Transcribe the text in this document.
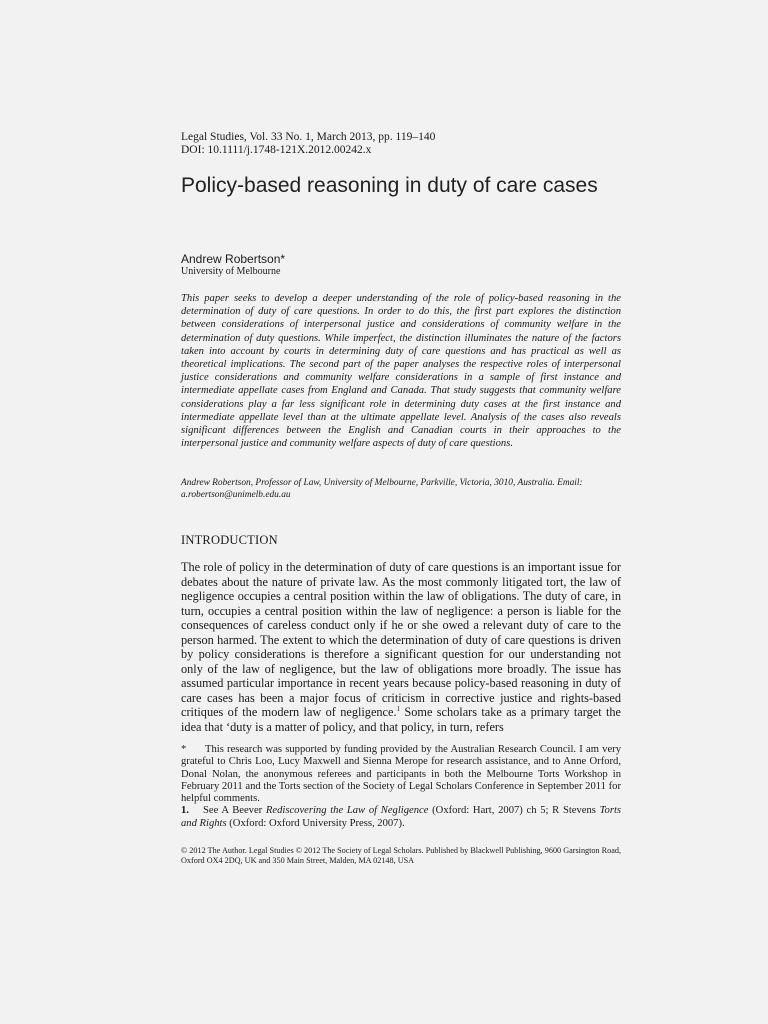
Legal Studies, Vol. 33 No. 1, March 2013, pp. 119–140
DOI: 10.1111/j.1748-121X.2012.00242.x
Policy-based reasoning in duty of care cases
Andrew Robertson*
University of Melbourne
This paper seeks to develop a deeper understanding of the role of policy-based reasoning in the determination of duty of care questions. In order to do this, the first part explores the distinction between considerations of interpersonal justice and considerations of community welfare in the determination of duty questions. While imperfect, the distinction illuminates the nature of the factors taken into account by courts in determining duty of care questions and has practical as well as theoretical implications. The second part of the paper analyses the respective roles of interpersonal justice considerations and community welfare considerations in a sample of first instance and intermediate appellate cases from England and Canada. That study suggests that community welfare considerations play a far less significant role in determining duty cases at the first instance and intermediate appellate level than at the ultimate appellate level. Analysis of the cases also reveals significant differences between the English and Canadian courts in their approaches to the interpersonal justice and community welfare aspects of duty of care questions.
Andrew Robertson, Professor of Law, University of Melbourne, Parkville, Victoria, 3010, Australia. Email: a.robertson@unimelb.edu.au
INTRODUCTION
The role of policy in the determination of duty of care questions is an important issue for debates about the nature of private law. As the most commonly litigated tort, the law of negligence occupies a central position within the law of obligations. The duty of care, in turn, occupies a central position within the law of negligence: a person is liable for the consequences of careless conduct only if he or she owed a relevant duty of care to the person harmed. The extent to which the determination of duty of care questions is driven by policy considerations is therefore a significant question for our understanding not only of the law of negligence, but the law of obligations more broadly. The issue has assumed particular importance in recent years because policy-based reasoning in duty of care cases has been a major focus of criticism in corrective justice and rights-based critiques of the modern law of negligence.$^1$ Some scholars take as a primary target the idea that ‘duty is a matter of policy, and that policy, in turn, refers
* This research was supported by funding provided by the Australian Research Council. I am very grateful to Chris Loo, Lucy Maxwell and Sienna Merope for research assistance, and to Anne Orford, Donal Nolan, the anonymous referees and participants in both the Melbourne Torts Workshop in February 2011 and the Torts section of the Society of Legal Scholars Conference in September 2011 for helpful comments.
1. See A Beever Rediscovering the Law of Negligence (Oxford: Hart, 2007) ch 5; R Stevens Torts and Rights (Oxford: Oxford University Press, 2007).
© 2012 The Author. Legal Studies © 2012 The Society of Legal Scholars. Published by Blackwell Publishing, 9600 Garsington Road, Oxford OX4 2DQ, UK and 350 Main Street, Malden, MA 02148, USA
